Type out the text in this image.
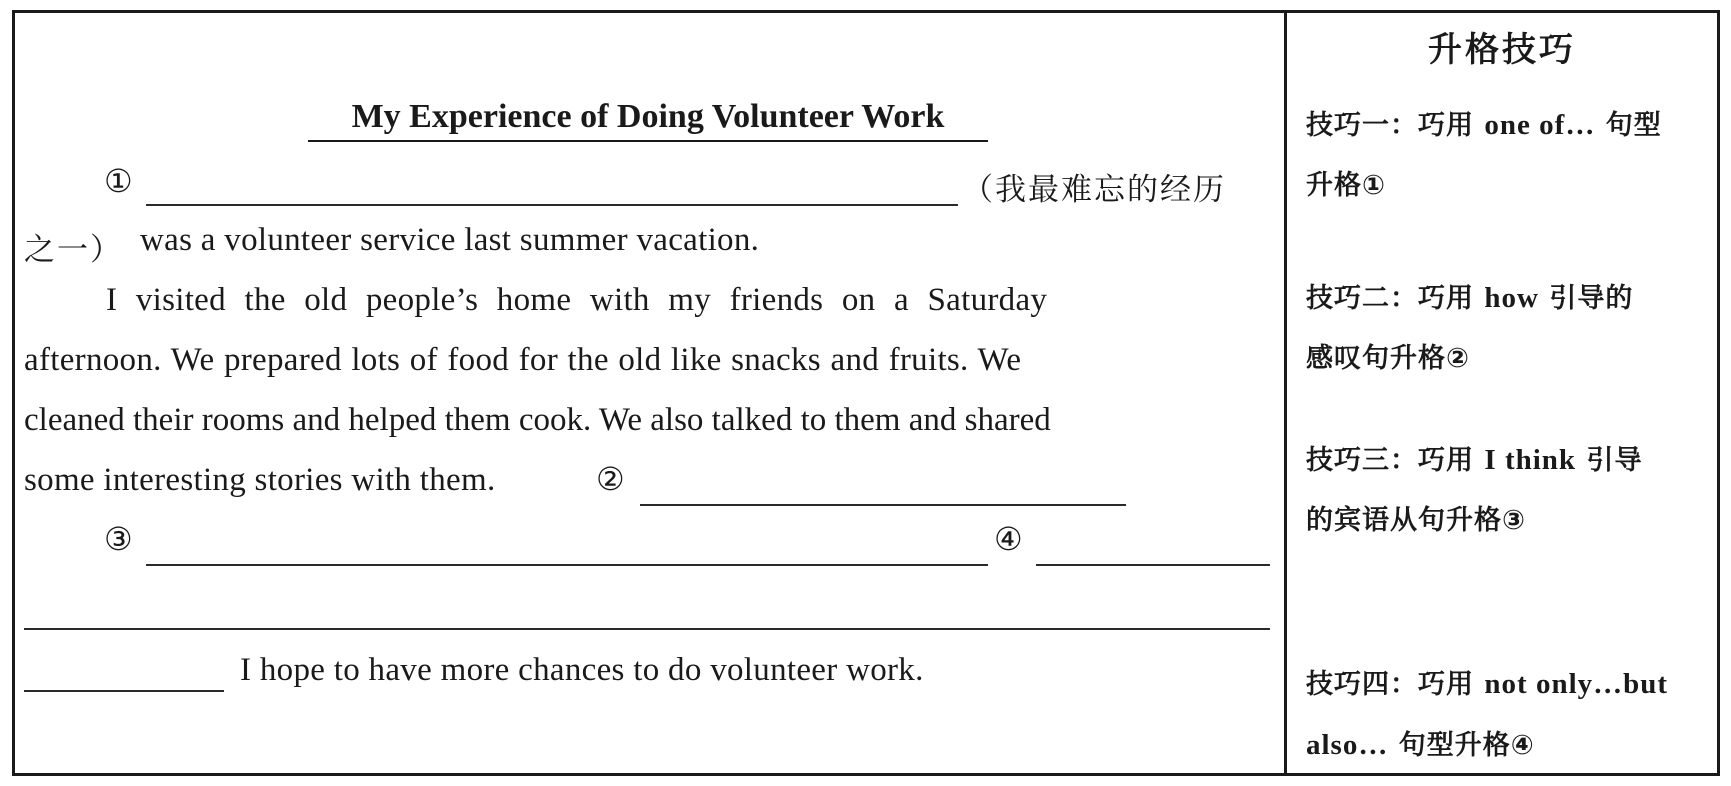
My Experience of Doing Volunteer Work
①	（我最难忘的经历
之一） was a volunteer service last summer vacation.
I visited the old people’s home with my friends on a Saturday
afternoon. We prepared lots of food for the old like snacks and fruits. We
cleaned their rooms and helped them cook. We also talked to them and shared
some interesting stories with them.	②
③	④
I hope to have more chances to do volunteer work.
升格技巧
技巧一：巧用 one of… 句型
升格①
技巧二：巧用 how 引导的
感叹句升格②
技巧三：巧用 I think 引导
的宾语从句升格③
技巧四：巧用 not only…but
also… 句型升格④
